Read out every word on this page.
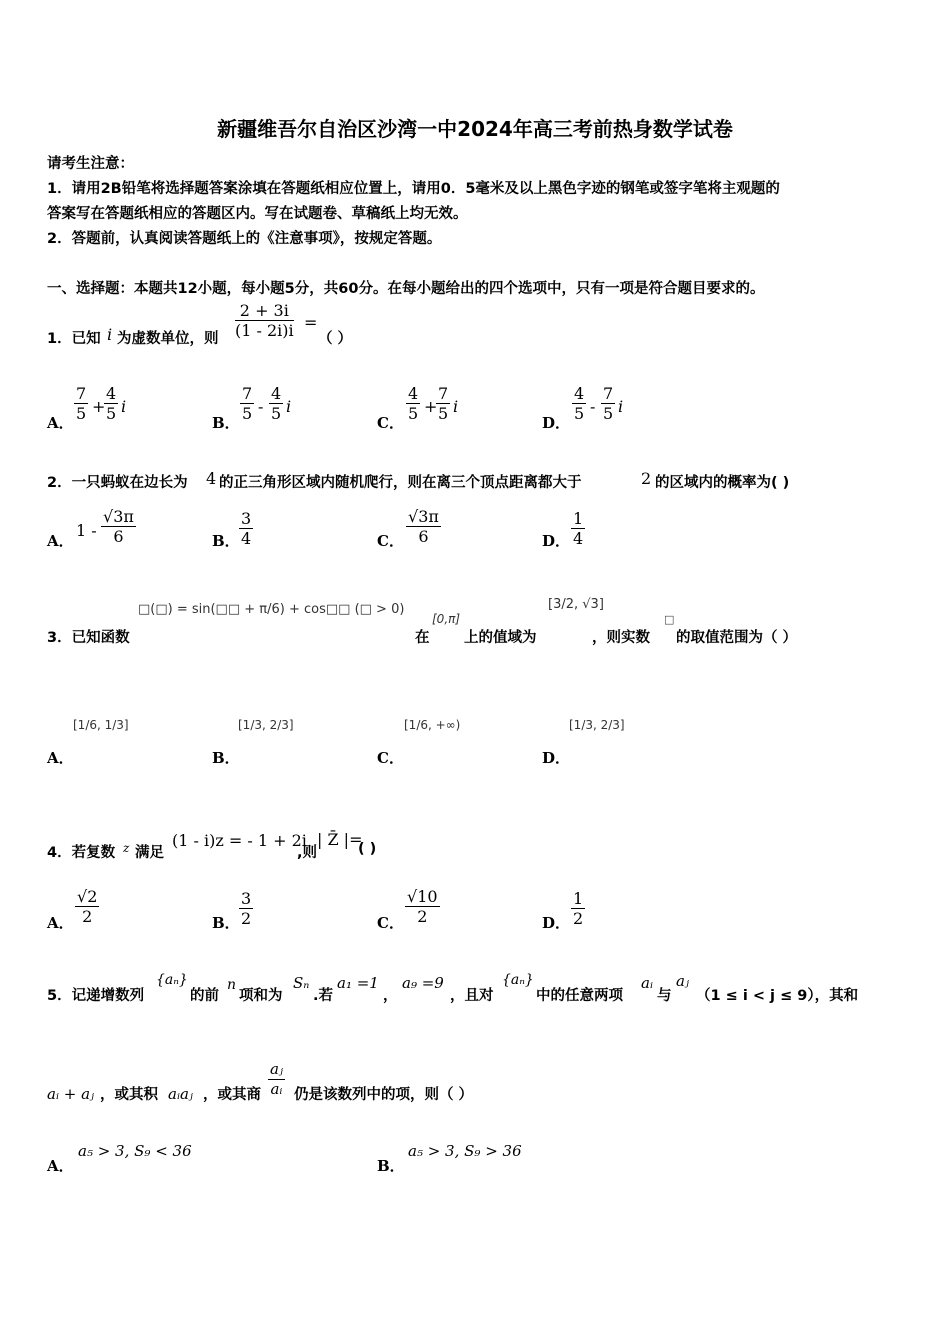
新疆维吾尔自治区沙湾一中2024年高三考前热身数学试卷
请考生注意：
1．请用2B铅笔将选择题答案涂填在答题纸相应位置上，请用0．5毫米及以上黑色字迹的钢笔或签字笔将主观题的
答案写在答题纸相应的答题区内。写在试题卷、草稿纸上均无效。
2．答题前，认真阅读答题纸上的《注意事项》，按规定答题。
一、选择题：本题共12小题，每小题5分，共60分。在每小题给出的四个选项中，只有一项是符合题目要求的。
1．已知 i 为虚数单位，则 $\frac{2 + 3i}{(1 - 2i)i}$ =
（ ）
A． $\frac{7}{5}$ +
$\frac{4}{5}$ i
B． $\frac{7}{5} - \frac{4}{5}$ i
C． $\frac{4}{5}$ +
$\frac{7}{5}$ i
D． $\frac{4}{5} - \frac{7}{5}$ i
2．一只蚂蚁在边长为 4 的正三角形区域内随机爬行，则在离三个顶点距离都大于	2 的区域内的概率为( )
A．
$1 - \frac{√3\pi}{6}$	B． $\frac{3}{4}$	C． $\frac{√3\pi}{6}$	D． $\frac{1}{4}$
□(□) = sin(□□ + π/6) + cos□□ (□ > 0)
[0,π]
[3/2, √3]
□
3．已知函数	在 上的值域为	，则实数 的取值范围为（ ）
[1/6, 1/3]
A．
[1/3, 2/3]
B．
[1/6, +∞)
C．
[1/3, 2/3]
D．
4．若复数 z 满足
(1 - i)z = - 1 + 2i
,则
| Z̄ |=
( )
A． $\frac{√2}{2}$	B． $\frac{3}{2}$	C． $\frac{√10}{2}$	D． $\frac{1}{2}$
5．记递增数列
{aₙ}
的前
n
项和为
Sₙ
.若
a₁ =1
，
a₉ =9
，且对
{aₙ}
中的任意两项
aᵢ
与
aⱼ
（1 ≤ i < j ≤ 9），其和
aᵢ + aⱼ ，或其积 aᵢaⱼ ，或其商 $\frac{\text{aⱼ}}{\text{aᵢ}}$ 仍是该数列中的项，则（ ）
A．
a₅ > 3, S₉ < 36
B．
a₅ > 3, S₉ > 36
